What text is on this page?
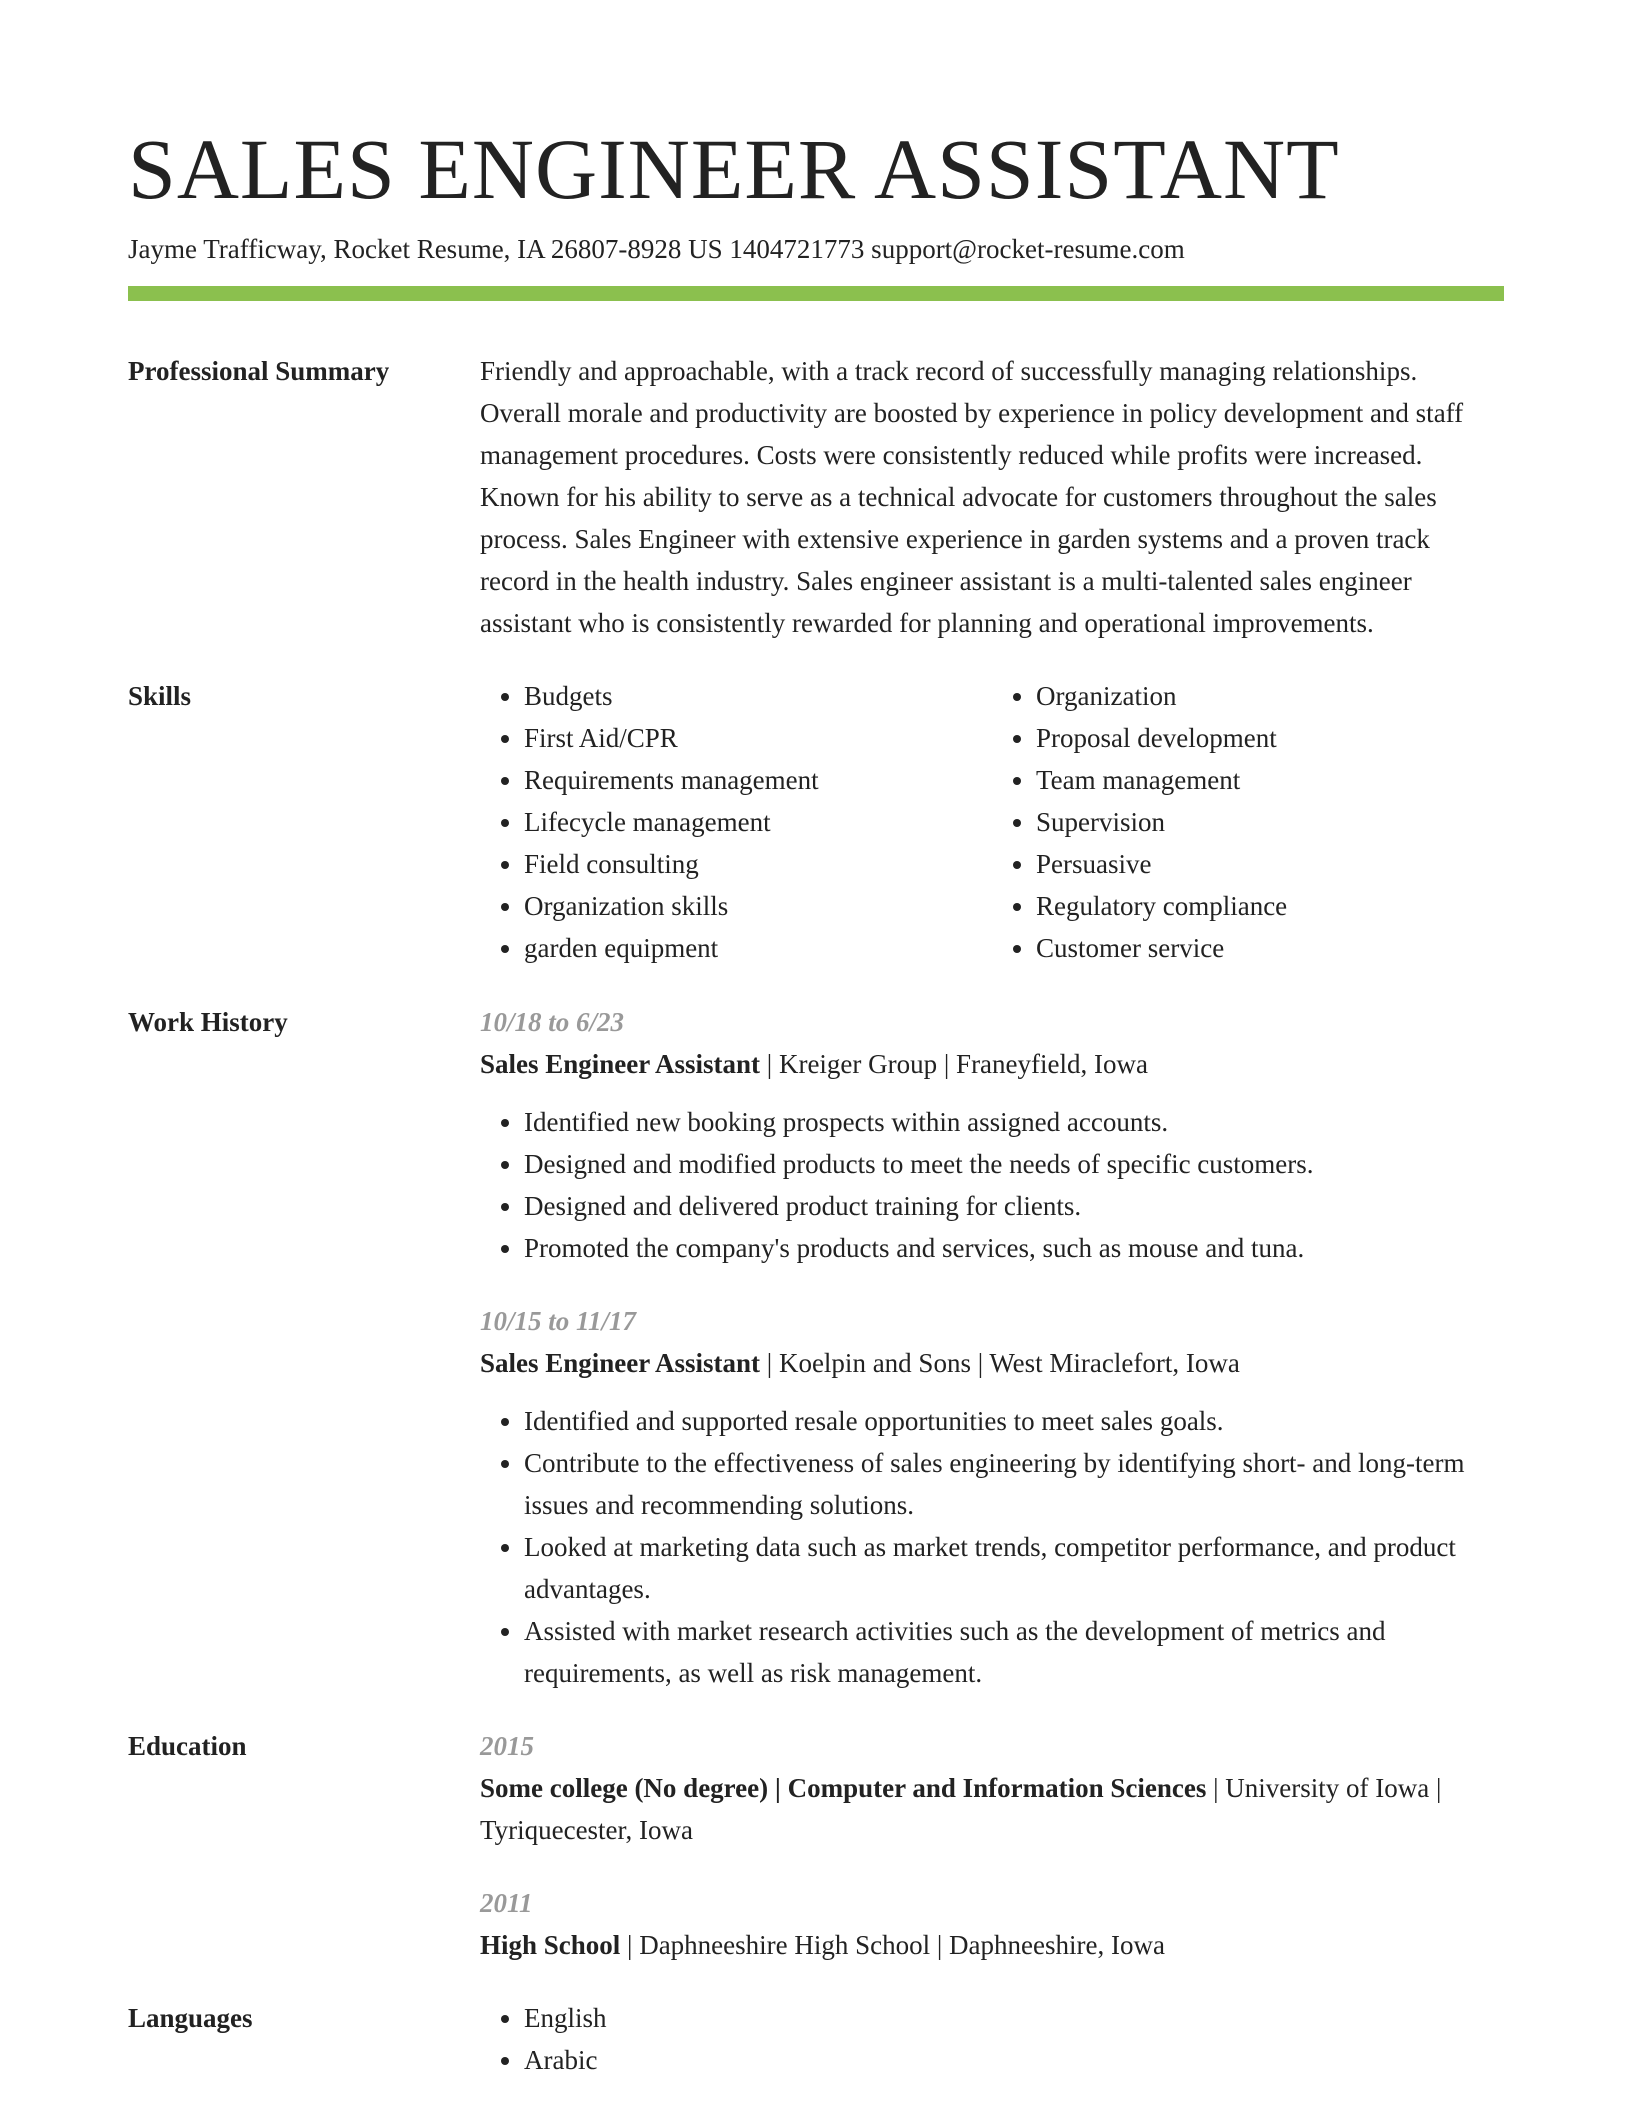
SALES ENGINEER ASSISTANT
Jayme Trafficway, Rocket Resume, IA 26807-8928 US 1404721773 support@rocket-resume.com
Professional Summary	Friendly and approachable, with a track record of successfully managing relationships. Overall morale and productivity are boosted by experience in policy development and staff management procedures. Costs were consistently reduced while profits were increased. Known for his ability to serve as a technical advocate for customers throughout the sales process. Sales Engineer with extensive experience in garden systems and a proven track record in the health industry. Sales engineer assistant is a multi-talented sales engineer assistant who is consistently rewarded for planning and operational improvements.

Skills	• Budgets
• First Aid/CPR
• Requirements management
• Lifecycle management
• Field consulting
• Organization skills
• garden equipment
• Organization
• Proposal development
• Team management
• Supervision
• Persuasive
• Regulatory compliance
• Customer service
Work History	10/18 to 6/23
Sales Engineer Assistant | Kreiger Group | Franeyfield, Iowa
• Identified new booking prospects within assigned accounts.
• Designed and modified products to meet the needs of specific customers.
• Designed and delivered product training for clients.
• Promoted the company's products and services, such as mouse and tuna.
10/15 to 11/17
Sales Engineer Assistant | Koelpin and Sons | West Miraclefort, Iowa
• Identified and supported resale opportunities to meet sales goals.
• Contribute to the effectiveness of sales engineering by identifying short- and long-term issues and recommending solutions.
• Looked at marketing data such as market trends, competitor performance, and product advantages.
• Assisted with market research activities such as the development of metrics and requirements, as well as risk management.
Education	2015
Some college (No degree) | Computer and Information Sciences | University of Iowa | Tyriquecester, Iowa
2011
High School | Daphneeshire High School | Daphneeshire, Iowa
Languages	• English
• Arabic
